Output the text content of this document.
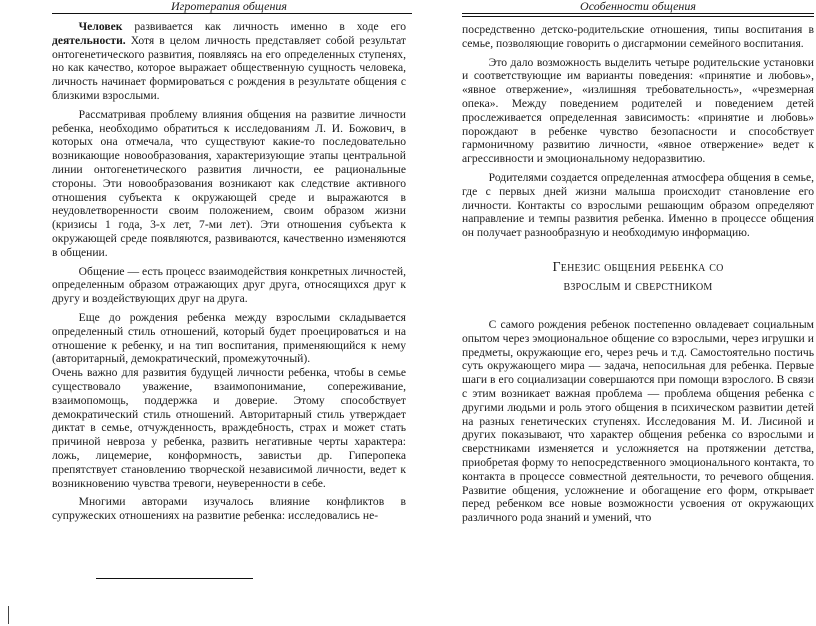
Игротерапия общения

Человек развивается как личность именно в ходе его деятельности. Хотя в целом личность представляет собой результат онтогенетического развития, появляясь на его определенных ступенях, но как качество, которое выражает общественную сущность человека, личность начинает формироваться с рождения в результате общения с близкими взрослыми.

Рассматривая проблему влияния общения на развитие личности ребенка, необходимо обратиться к исследованиям Л. И. Божович, в которых она отмечала, что существуют какие-то последовательно возникающие новообразования, характеризующие этапы центральной линии онтогенетического развития личности, ее рациональные стороны. Эти новообразования возникают как следствие активного отношения субъекта к окружающей среде и выражаются в неудовлетворенности своим положением, своим образом жизни (кризисы 1 года, 3-х лет, 7-ми лет). Эти отношения субъекта к окружающей среде появляются, развиваются, качественно изменяются в общении.

Общение — есть процесс взаимодействия конкретных личностей, определенным образом отражающих друг друга, относящихся друг к другу и воздействующих друг на друга.

Еще до рождения ребенка между взрослыми складывается определенный стиль отношений, который будет проецироваться и на отношение к ребенку, и на тип воспитания, применяющийся к нему (авторитарный, демократический, промежуточный).

Очень важно для развития будущей личности ребенка, чтобы в семье существовало уважение, взаимопонимание, сопереживание, взаимопомощь, поддержка и доверие. Этому способствует демократический стиль отношений. Авторитарный стиль утверждает диктат в семье, отчужденность, враждебность, страх и может стать причиной невроза у ребенка, развить негативные черты характера: ложь, лицемерие, конформность, завистьи др. Гиперопека препятствует становлению творческой независимой личности, ведет к возникновению чувства тревоги, неуверенности в себе.

Многими авторами изучалось влияние конфликтов в супружеских отношениях на развитие ребенка: исследовались не-

Особенности общения

посредственно детско-родительские отношения, типы воспитания в семье, позволяющие говорить о дисгармонии семейного воспитания.

Это дало возможность выделить четыре родительские установки и соответствующие им варианты поведения: «принятие и любовь», «явное отвержение», «излишняя требовательность», «чрезмерная опека». Между поведением родителей и поведением детей прослеживается определенная зависимость: «принятие и любовь» порождают в ребенке чувство безопасности и способствует гармоничному развитию личности, «явное отвержение» ведет к агрессивности и эмоциональному недоразвитию.

Родителями создается определенная атмосфера общения в семье, где с первых дней жизни малыша происходит становление его личности. Контакты со взрослыми решающим образом определяют направление и темпы развития ребенка. Именно в процессе общения он получает разнообразную и необходимую информацию.

Генезис общения ребенка со
взрослым и сверстником

С самого рождения ребенок постепенно овладевает социальным опытом через эмоциональное общение со взрослыми, через игрушки и предметы, окружающие его, через речь и т.д. Самостоятельно постичь суть окружающего мира — задача, непосильная для ребенка. Первые шаги в его социализации совершаются при помощи взрослого. В связи с этим возникает важная проблема — проблема общения ребенка с другими людьми и роль этого общения в психическом развитии детей на разных генетических ступенях. Исследования М. И. Лисиной и других показывают, что характер общения ребенка со взрослыми и сверстниками изменяется и усложняется на протяжении детства, приобретая форму то непосредственного эмоционального контакта, то контакта в процессе совместной деятельности, то речевого общения. Развитие общения, усложнение и обогащение его форм, открывает перед ребенком все новые возможности усвоения от окружающих различного рода знаний и умений, что
